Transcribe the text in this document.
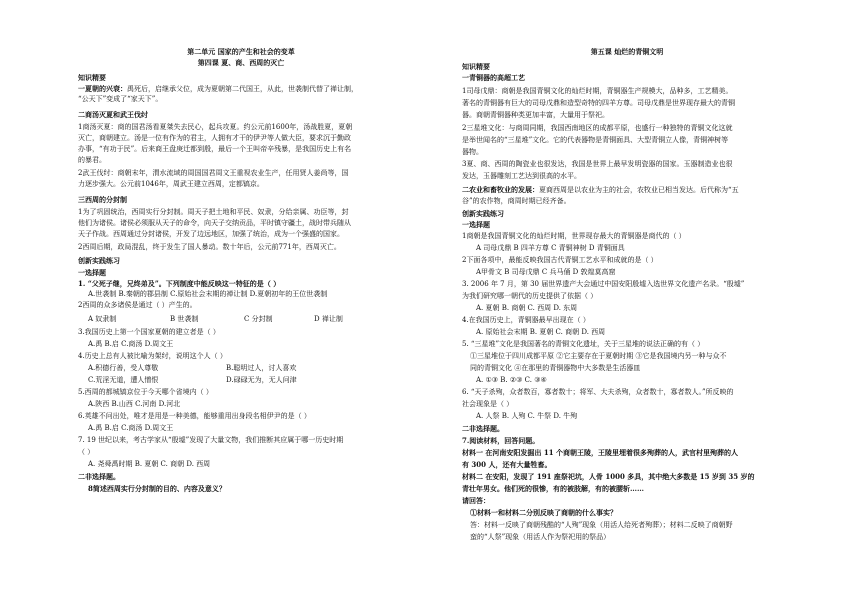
第二单元 国家的产生和社会的变革
第四课 夏、商、西周的灭亡
知识精要
一夏朝的兴衰：禹死后，启继承父位，成为夏朝第二代国王，从此，世袭制代替了禅让制，
“公天下”变成了“家天下”。
二商汤灭夏和武王伐纣
1商汤灭夏：商的国君汤看夏桀失去民心，起兵攻夏。约公元前1600年，汤战胜夏，夏朝
灭亡，商朝建立。汤是一位有作为的君主，人拥有才干的伊尹等人做大臣，要求沉于勤政
办事，“有功于民”。后来商王盘庚迁都到殷，最后一个王叫帝辛残暴，是我国历史上有名
的暴君。
2武王伐纣：商朝末年，渭水流域的周国国君周文王重视农业生产，任用贤人姜尚等，国
力逐步强大。公元前1046年，周武王建立西周，定都镐京。
三西周的分封制
1为了巩固统治，西周实行分封制。周天子把土地和平民、奴隶，分给亲属、功臣等，封
他们为诸侯。诸侯必须服从天子的命令，向天子交纳贡品，平时镇守疆土，战时带兵随从
天子作战。西周通过分封诸侯，开发了边远地区，加强了统治，成为一个强盛的国家。
2西周后期，政局混乱，终于发生了国人暴动。数十年后，公元前771年，西周灭亡。
创新实践练习
一选择题
1. “父死子继，兄终弟及”。下列制度中能反映这一特征的是（ ）
A.世袭制 B.秦朝的郡县制 C.原始社会末期的禅让制 D.夏朝初年的王位世袭制
2西周的众多诸侯是通过（ ）产生的。
A 奴隶制	B 世袭制	C 分封制	D 禅让制
3.我国历史上第一个国家夏朝的建立者是（ ）
A.禹 B.启 C.商汤 D.周文王
4.历史上总有人被比喻为架纣，说明这个人（ ）
A.积德行善，受人尊敬	B.聪明过人，讨人喜欢
C.荒淫无道，遭人憎恨	D.碌碌无为，无人问津
5.西周的都城镐京位于今天哪个省境内（ ）
A.陕西 B.山西 C.河南 D.河北
6.英雄不问出处，唯才是用是一种美德，能够重用出身段名相伊尹的是（ ）
A.禹 B.启 C.商汤 D.周文王
7. 19 世纪以来，考古学家从“殷墟”发现了大量文物，我们推断其应属于哪一历史时期
（ ）
A. 尧舜禹时期 B. 夏朝 C. 商朝 D. 西周
二非选择题。
8简述西周实行分封制的目的、内容及意义？
第五课 灿烂的青铜文明
知识精要
一青铜器的高超工艺
1司母戊鼎：商朝是我国青铜文化的灿烂时期，青铜器生产规模大，品种多，工艺精美。
著名的青铜器有巨大的司母戊鼎和造型奇特的四羊方尊。司母戊鼎是世界现存最大的青铜
器。商朝青铜器种类更加丰富，大量用于祭祀。
2三星堆文化：与商周同期，我国西南地区的成都平原，也盛行一种独特的青铜文化这就
是举世闻名的“三星堆”文化。它的代表器物是青铜面具、大型青铜立人像，青铜神树等
器物。
3夏、商、西周的陶瓷业也很发达，我国是世界上最早发明瓷器的国家。玉器制造业也很
发达，玉器雕刻工艺达到很高的水平。
二农业和畜牧业的发展：夏商西周是以农业为主的社会，农牧业已相当发达。后代称为“五
谷”的农作物，商周时期已经齐备。
创新实践练习
一选择题
1商朝是我国青铜文化的灿烂时期，世界现存最大的青铜器是商代的（ ）
A 司母戊鼎 B 四羊方尊 C 青铜神树 D 青铜面具
2下面各项中，最能反映我国古代青铜工艺水平和成就的是（ ）
A甲骨文 B 司母戊鼎 C 兵马俑 D 敦煌莫高窟
3. 2006 年 7 月，第 30 届世界遗产大会通过中国安阳殷墟入选世界文化遗产名录。“殷墟”
为我们研究哪一朝代的历史提供了依据（ ）
A. 夏朝 B. 商朝 C. 西周 D. 东周
4.在我国历史上，青铜器最早出现在（ ）
A. 原始社会末期 B. 夏朝 C. 商朝 D. 西周
5. “三星堆”文化是我国著名的青铜文化遗址，关于三星堆的说法正确的有（ ）
①三星堆位于四川成都平原 ②它主要存在于夏朝时期 ③它是我国境内另一种与众不
同的青铜文化 ④在那里的青铜器物中大多数是生活器皿
A. ①③ B. ②③ C. ③④
6. “天子杀殉，众者数百，寡者数十；将军、大夫杀殉，众者数十，寡者数人。”所反映的
社会现象是（ ）
A. 人祭 B. 人殉 C. 牛祭 D. 牛殉
二非选择题。
7.阅读材料，回答问题。
材料一 在河南安阳发掘出 11 个商朝王陵，王陵里埋着很多殉葬的人，武官村里殉葬的人
有 300 人，还有大量牲畜。
材料二 在安阳，发现了 191 座祭祀坑，人骨 1000 多具，其中绝大多数是 15 岁到 35 岁的
青壮年男女。他们死的很惨，有的被肢解，有的被腰斩……
请回答：
①材料一和材料二分别反映了商朝的什么事实？
答：材料一反映了商朝残酷的“人殉”现象（用活人给死者殉葬）；材料二反映了商朝野
蛮的“人祭”现象（用活人作为祭祀用的祭品）
